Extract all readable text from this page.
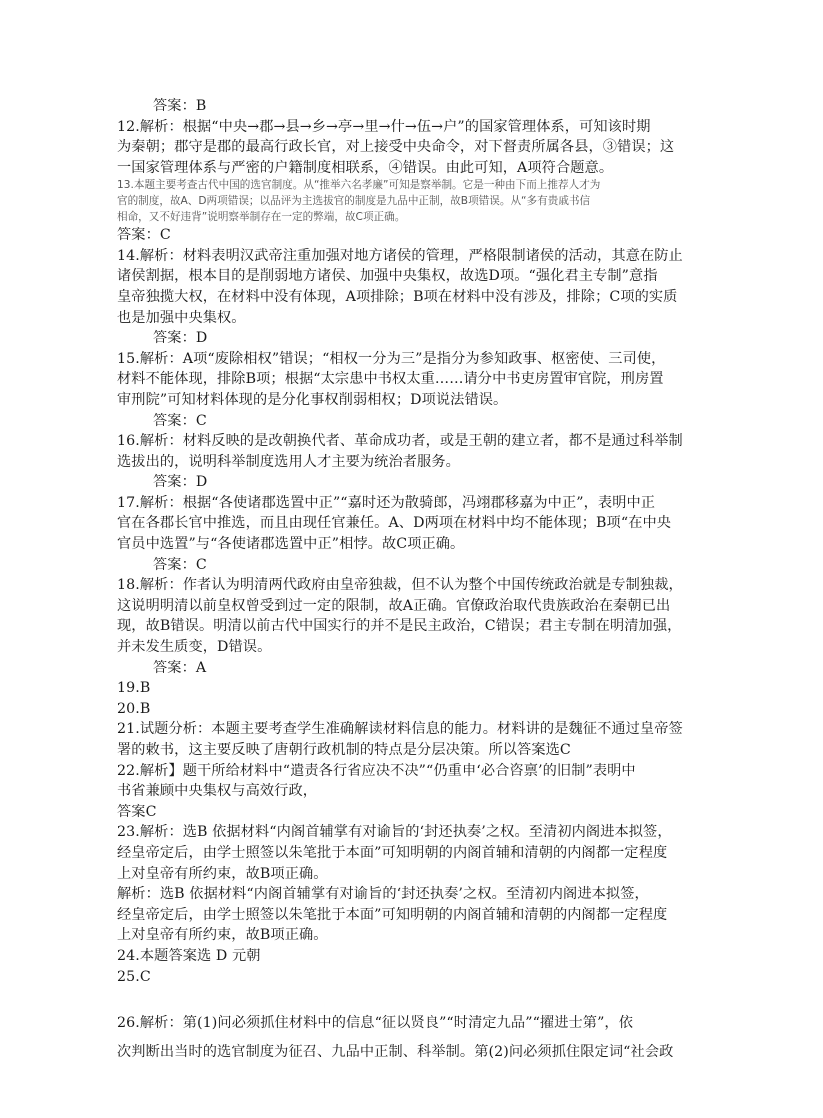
答案：B
12.解析：根据“中央→郡→县→乡→亭→里→什→伍→户”的国家管理体系，可知该时期
为秦朝；郡守是郡的最高行政长官，对上接受中央命令，对下督责所属各县，③错误；这
一国家管理体系与严密的户籍制度相联系，④错误。由此可知，A项符合题意。
13.本题主要考查古代中国的选官制度。从“推举六名孝廉”可知是察举制。它是一种由下而上推荐人才为
官的制度，故A、D两项错误；以品评为主选拔官的制度是九品中正制，故B项错误。从“多有贵戚书信
相命，又不好违背”说明察举制存在一定的弊端，故C项正确。
答案：C
14.解析：材料表明汉武帝注重加强对地方诸侯的管理，严格限制诸侯的活动，其意在防止
诸侯割据，根本目的是削弱地方诸侯、加强中央集权，故选D项。“强化君主专制”意指
皇帝独揽大权，在材料中没有体现，A项排除；B项在材料中没有涉及，排除；C项的实质
也是加强中央集权。
答案：D
15.解析：A项“废除相权”错误；“相权一分为三”是指分为参知政事、枢密使、三司使，
材料不能体现，排除B项；根据“太宗患中书权太重……请分中书吏房置审官院，刑房置
审刑院”可知材料体现的是分化事权削弱相权；D项说法错误。
答案：C
16.解析：材料反映的是改朝换代者、革命成功者，或是王朝的建立者，都不是通过科举制
选拔出的，说明科举制度选用人才主要为统治者服务。
答案：D
17.解析：根据“各使诸郡选置中正”“嘉时还为散骑郎，冯翊郡移嘉为中正”，表明中正
官在各郡长官中推选，而且由现任官兼任。A、D两项在材料中均不能体现；B项“在中央
官员中选置”与“各使诸郡选置中正”相悖。故C项正确。
答案：C
18.解析：作者认为明清两代政府由皇帝独裁，但不认为整个中国传统政治就是专制独裁，
这说明明清以前皇权曾受到过一定的限制，故A正确。官僚政治取代贵族政治在秦朝已出
现，故B错误。明清以前古代中国实行的并不是民主政治，C错误；君主专制在明清加强，
并未发生质变，D错误。
答案：A
19.B
20.B
21.试题分析：本题主要考查学生准确解读材料信息的能力。材料讲的是魏征不通过皇帝签
署的敕书，这主要反映了唐朝行政机制的特点是分层决策。所以答案选C
22.解析】题干所给材料中“遣责各行省应决不决”“仍重申‘必合咨禀’的旧制”表明中
书省兼顾中央集权与高效行政，
答案C
23.解析：选B 依据材料“内阁首辅掌有对谕旨的‘封还执奏’之权。至清初内阁进本拟签，
经皇帝定后，由学士照签以朱笔批于本面”可知明朝的内阁首辅和清朝的内阁都一定程度
上对皇帝有所约束，故B项正确。
解析：选B 依据材料“内阁首辅掌有对谕旨的‘封还执奏’之权。至清初内阁进本拟签，
经皇帝定后，由学士照签以朱笔批于本面”可知明朝的内阁首辅和清朝的内阁都一定程度
上对皇帝有所约束，故B项正确。
24.本题答案选 D 元朝
25.C
26.解析：第(1)问必须抓住材料中的信息“征以贤良”“时清定九品”“擢进士第”，依
次判断出当时的选官制度为征召、九品中正制、科举制。第(2)问必须抓住限定词“社会政
